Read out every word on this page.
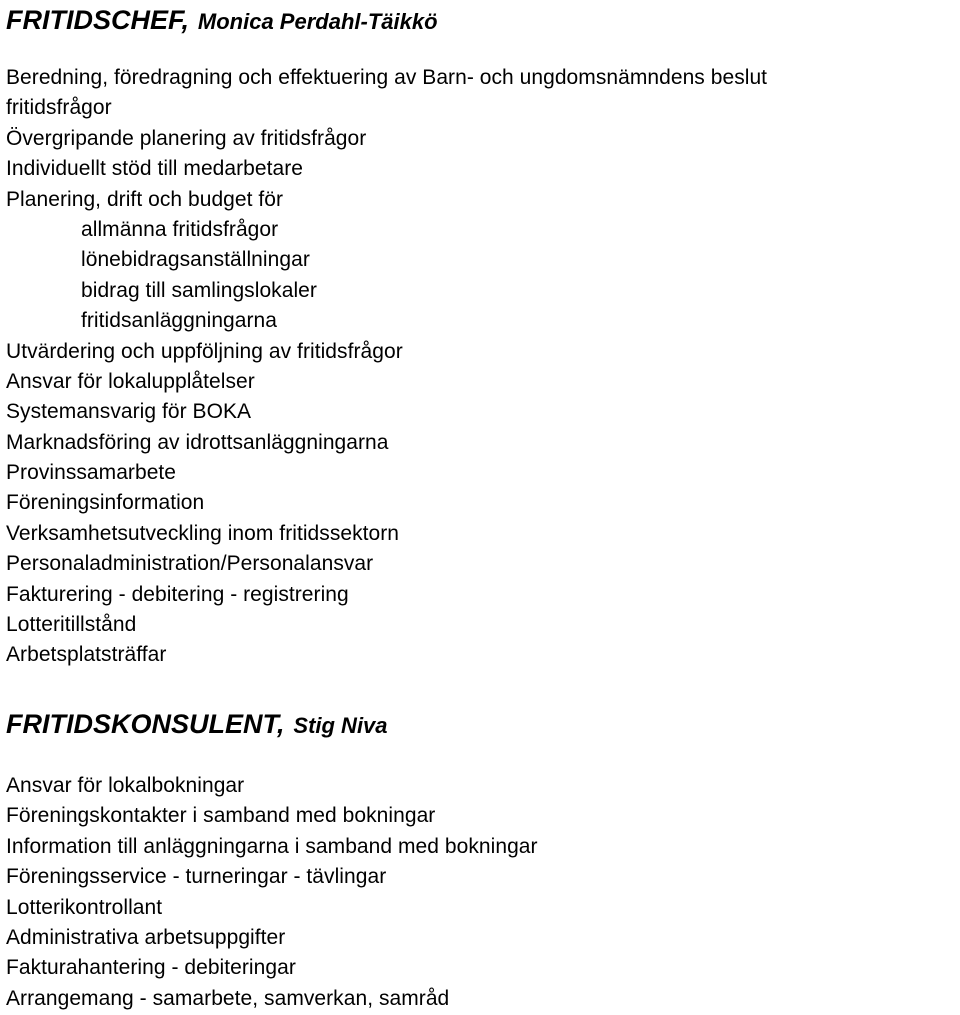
FRITIDSCHEF, Monica Perdahl-Täikkö
Beredning, föredragning och effektuering av Barn- och ungdomsnämndens beslut
fritidsfrågor
Övergripande planering av fritidsfrågor
Individuellt stöd till medarbetare
Planering, drift och budget för
allmänna fritidsfrågor
lönebidragsanställningar
bidrag till samlingslokaler
fritidsanläggningarna
Utvärdering och uppföljning av fritidsfrågor
Ansvar för lokalupplåtelser
Systemansvarig för BOKA
Marknadsföring av idrottsanläggningarna
Provinssamarbete
Föreningsinformation
Verksamhetsutveckling inom fritidssektorn
Personaladministration/Personalansvar
Fakturering - debitering - registrering
Lotteritillstånd
Arbetsplatsträffar
FRITIDSKONSULENT, Stig Niva
Ansvar för lokalbokningar
Föreningskontakter i samband med bokningar
Information till anläggningarna i samband med bokningar
Föreningsservice - turneringar - tävlingar
Lotterikontrollant
Administrativa arbetsuppgifter
Fakturahantering - debiteringar
Arrangemang - samarbete, samverkan, samråd
